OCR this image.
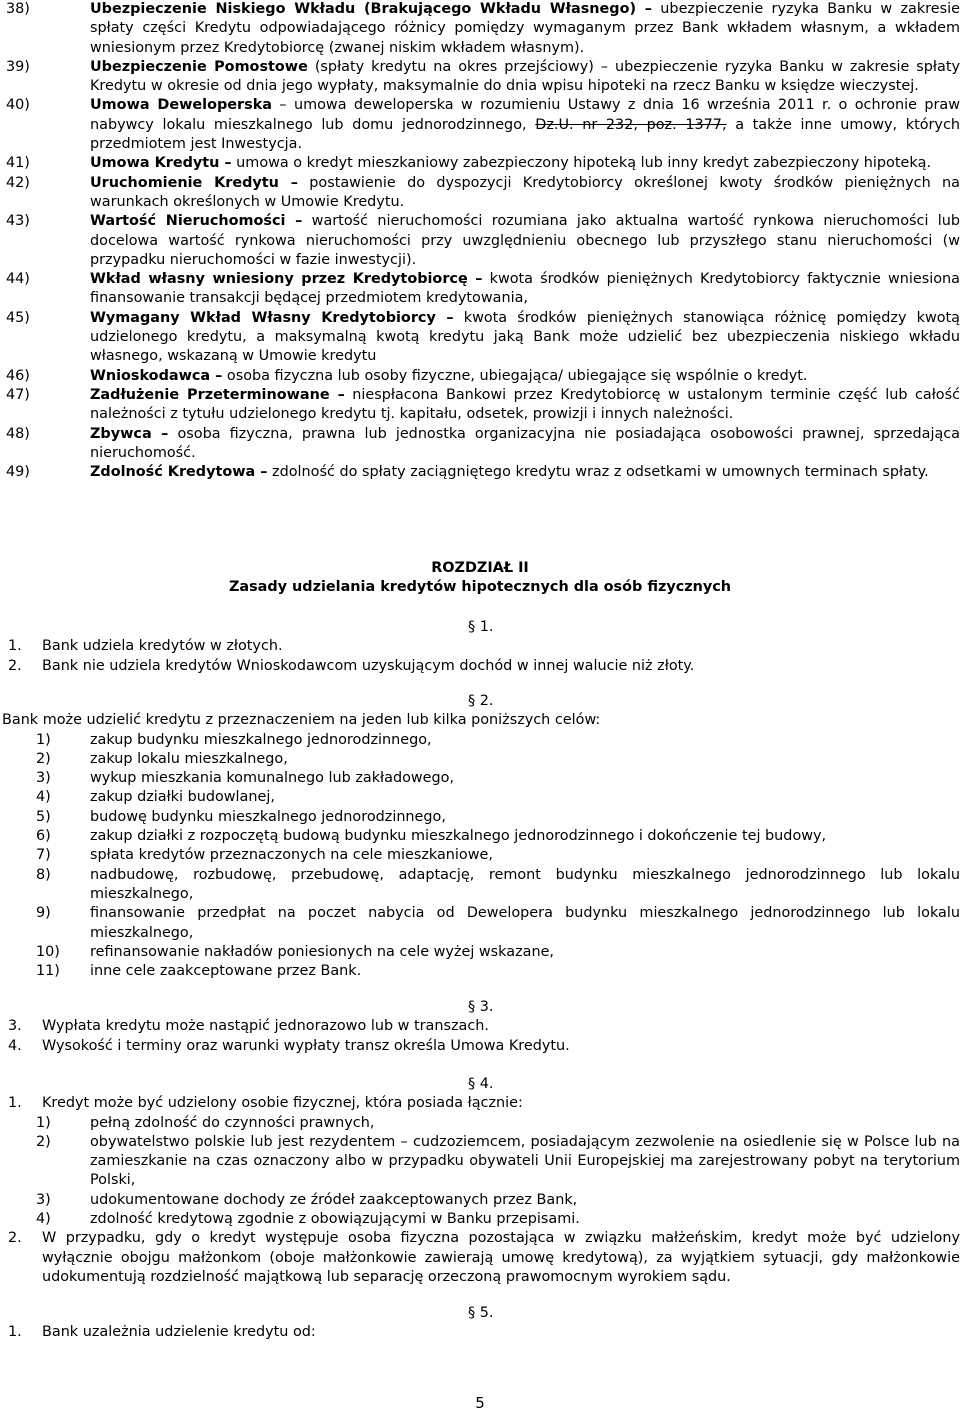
38)	Ubezpieczenie Niskiego Wkładu (Brakującego Wkładu Własnego) – ubezpieczenie ryzyka Banku w zakresie spłaty części Kredytu odpowiadającego różnicy pomiędzy wymaganym przez Bank wkładem własnym, a wkładem wniesionym przez Kredytobiorcę (zwanej niskim wkładem własnym).
39)	Ubezpieczenie Pomostowe (spłaty kredytu na okres przejściowy) – ubezpieczenie ryzyka Banku w zakresie spłaty Kredytu w okresie od dnia jego wypłaty, maksymalnie do dnia wpisu hipoteki na rzecz Banku w księdze wieczystej.
40)	Umowa Deweloperska – umowa deweloperska w rozumieniu Ustawy z dnia 16 września 2011 r. o ochronie praw nabywcy lokalu mieszkalnego lub domu jednorodzinnego, Dz.U. nr 232, poz. 1377, a także inne umowy, których przedmiotem jest Inwestycja.
41)	Umowa Kredytu – umowa o kredyt mieszkaniowy zabezpieczony hipoteką lub inny kredyt zabezpieczony hipoteką.
42)	Uruchomienie Kredytu – postawienie do dyspozycji Kredytobiorcy określonej kwoty środków pieniężnych na warunkach określonych w Umowie Kredytu.
43)	Wartość Nieruchomości – wartość nieruchomości rozumiana jako aktualna wartość rynkowa nieruchomości lub docelowa wartość rynkowa nieruchomości przy uwzględnieniu obecnego lub przyszłego stanu nieruchomości (w przypadku nieruchomości w fazie inwestycji).
44)	Wkład własny wniesiony przez Kredytobiorcę – kwota środków pieniężnych Kredytobiorcy faktycznie wniesiona finansowanie transakcji będącej przedmiotem kredytowania,
45)	Wymagany Wkład Własny Kredytobiorcy – kwota środków pieniężnych stanowiąca różnicę pomiędzy kwotą udzielonego kredytu, a maksymalną kwotą kredytu jaką Bank może udzielić bez ubezpieczenia niskiego wkładu własnego, wskazaną w Umowie kredytu
46)	Wnioskodawca – osoba fizyczna lub osoby fizyczne, ubiegająca/ ubiegające się wspólnie o kredyt.
47)	Zadłużenie Przeterminowane – niespłacona Bankowi przez Kredytobiorcę w ustalonym terminie część lub całość należności z tytułu udzielonego kredytu tj. kapitału, odsetek, prowizji i innych należności.
48)	Zbywca – osoba fizyczna, prawna lub jednostka organizacyjna nie posiadająca osobowości prawnej, sprzedająca nieruchomość.
49)	Zdolność Kredytowa – zdolność do spłaty zaciągniętego kredytu wraz z odsetkami w umownych terminach spłaty.
ROZDZIAŁ II
Zasady udzielania kredytów hipotecznych dla osób fizycznych
§ 1.
1.	Bank udziela kredytów w złotych.
2.	Bank nie udziela kredytów Wnioskodawcom uzyskującym dochód w innej walucie niż złoty.
§ 2.
Bank może udzielić kredytu z przeznaczeniem na jeden lub kilka poniższych celów:
1)	zakup budynku mieszkalnego jednorodzinnego,
2)	zakup lokalu mieszkalnego,
3)	wykup mieszkania komunalnego lub zakładowego,
4)	zakup działki budowlanej,
5)	budowę budynku mieszkalnego jednorodzinnego,
6)	zakup działki z rozpoczętą budową budynku mieszkalnego jednorodzinnego i dokończenie tej budowy,
7)	spłata kredytów przeznaczonych na cele mieszkaniowe,
8)	nadbudowę, rozbudowę, przebudowę, adaptację, remont budynku mieszkalnego jednorodzinnego lub lokalu mieszkalnego,
9)	finansowanie przedpłat na poczet nabycia od Dewelopera budynku mieszkalnego jednorodzinnego lub lokalu mieszkalnego,
10)	refinansowanie nakładów poniesionych na cele wyżej wskazane,
11)	inne cele zaakceptowane przez Bank.
§ 3.
3.	Wypłata kredytu może nastąpić jednorazowo lub w transzach.
4.	Wysokość i terminy oraz warunki wypłaty transz określa Umowa Kredytu.
§ 4.
1.	Kredyt może być udzielony osobie fizycznej, która posiada łącznie:
1)	pełną zdolność do czynności prawnych,
2)	obywatelstwo polskie lub jest rezydentem – cudzoziemcem, posiadającym zezwolenie na osiedlenie się w Polsce lub na zamieszkanie na czas oznaczony albo w przypadku obywateli Unii Europejskiej ma zarejestrowany pobyt na terytorium Polski,
3)	udokumentowane dochody ze źródeł zaakceptowanych przez Bank,
4)	zdolność kredytową zgodnie z obowiązującymi w Banku przepisami.
2.	W przypadku, gdy o kredyt występuje osoba fizyczna pozostająca w związku małżeńskim, kredyt może być udzielony wyłącznie obojgu małżonkom (oboje małżonkowie zawierają umowę kredytową), za wyjątkiem sytuacji, gdy małżonkowie udokumentują rozdzielność majątkową lub separację orzeczoną prawomocnym wyrokiem sądu.
§ 5.
1.	Bank uzależnia udzielenie kredytu od:
5
